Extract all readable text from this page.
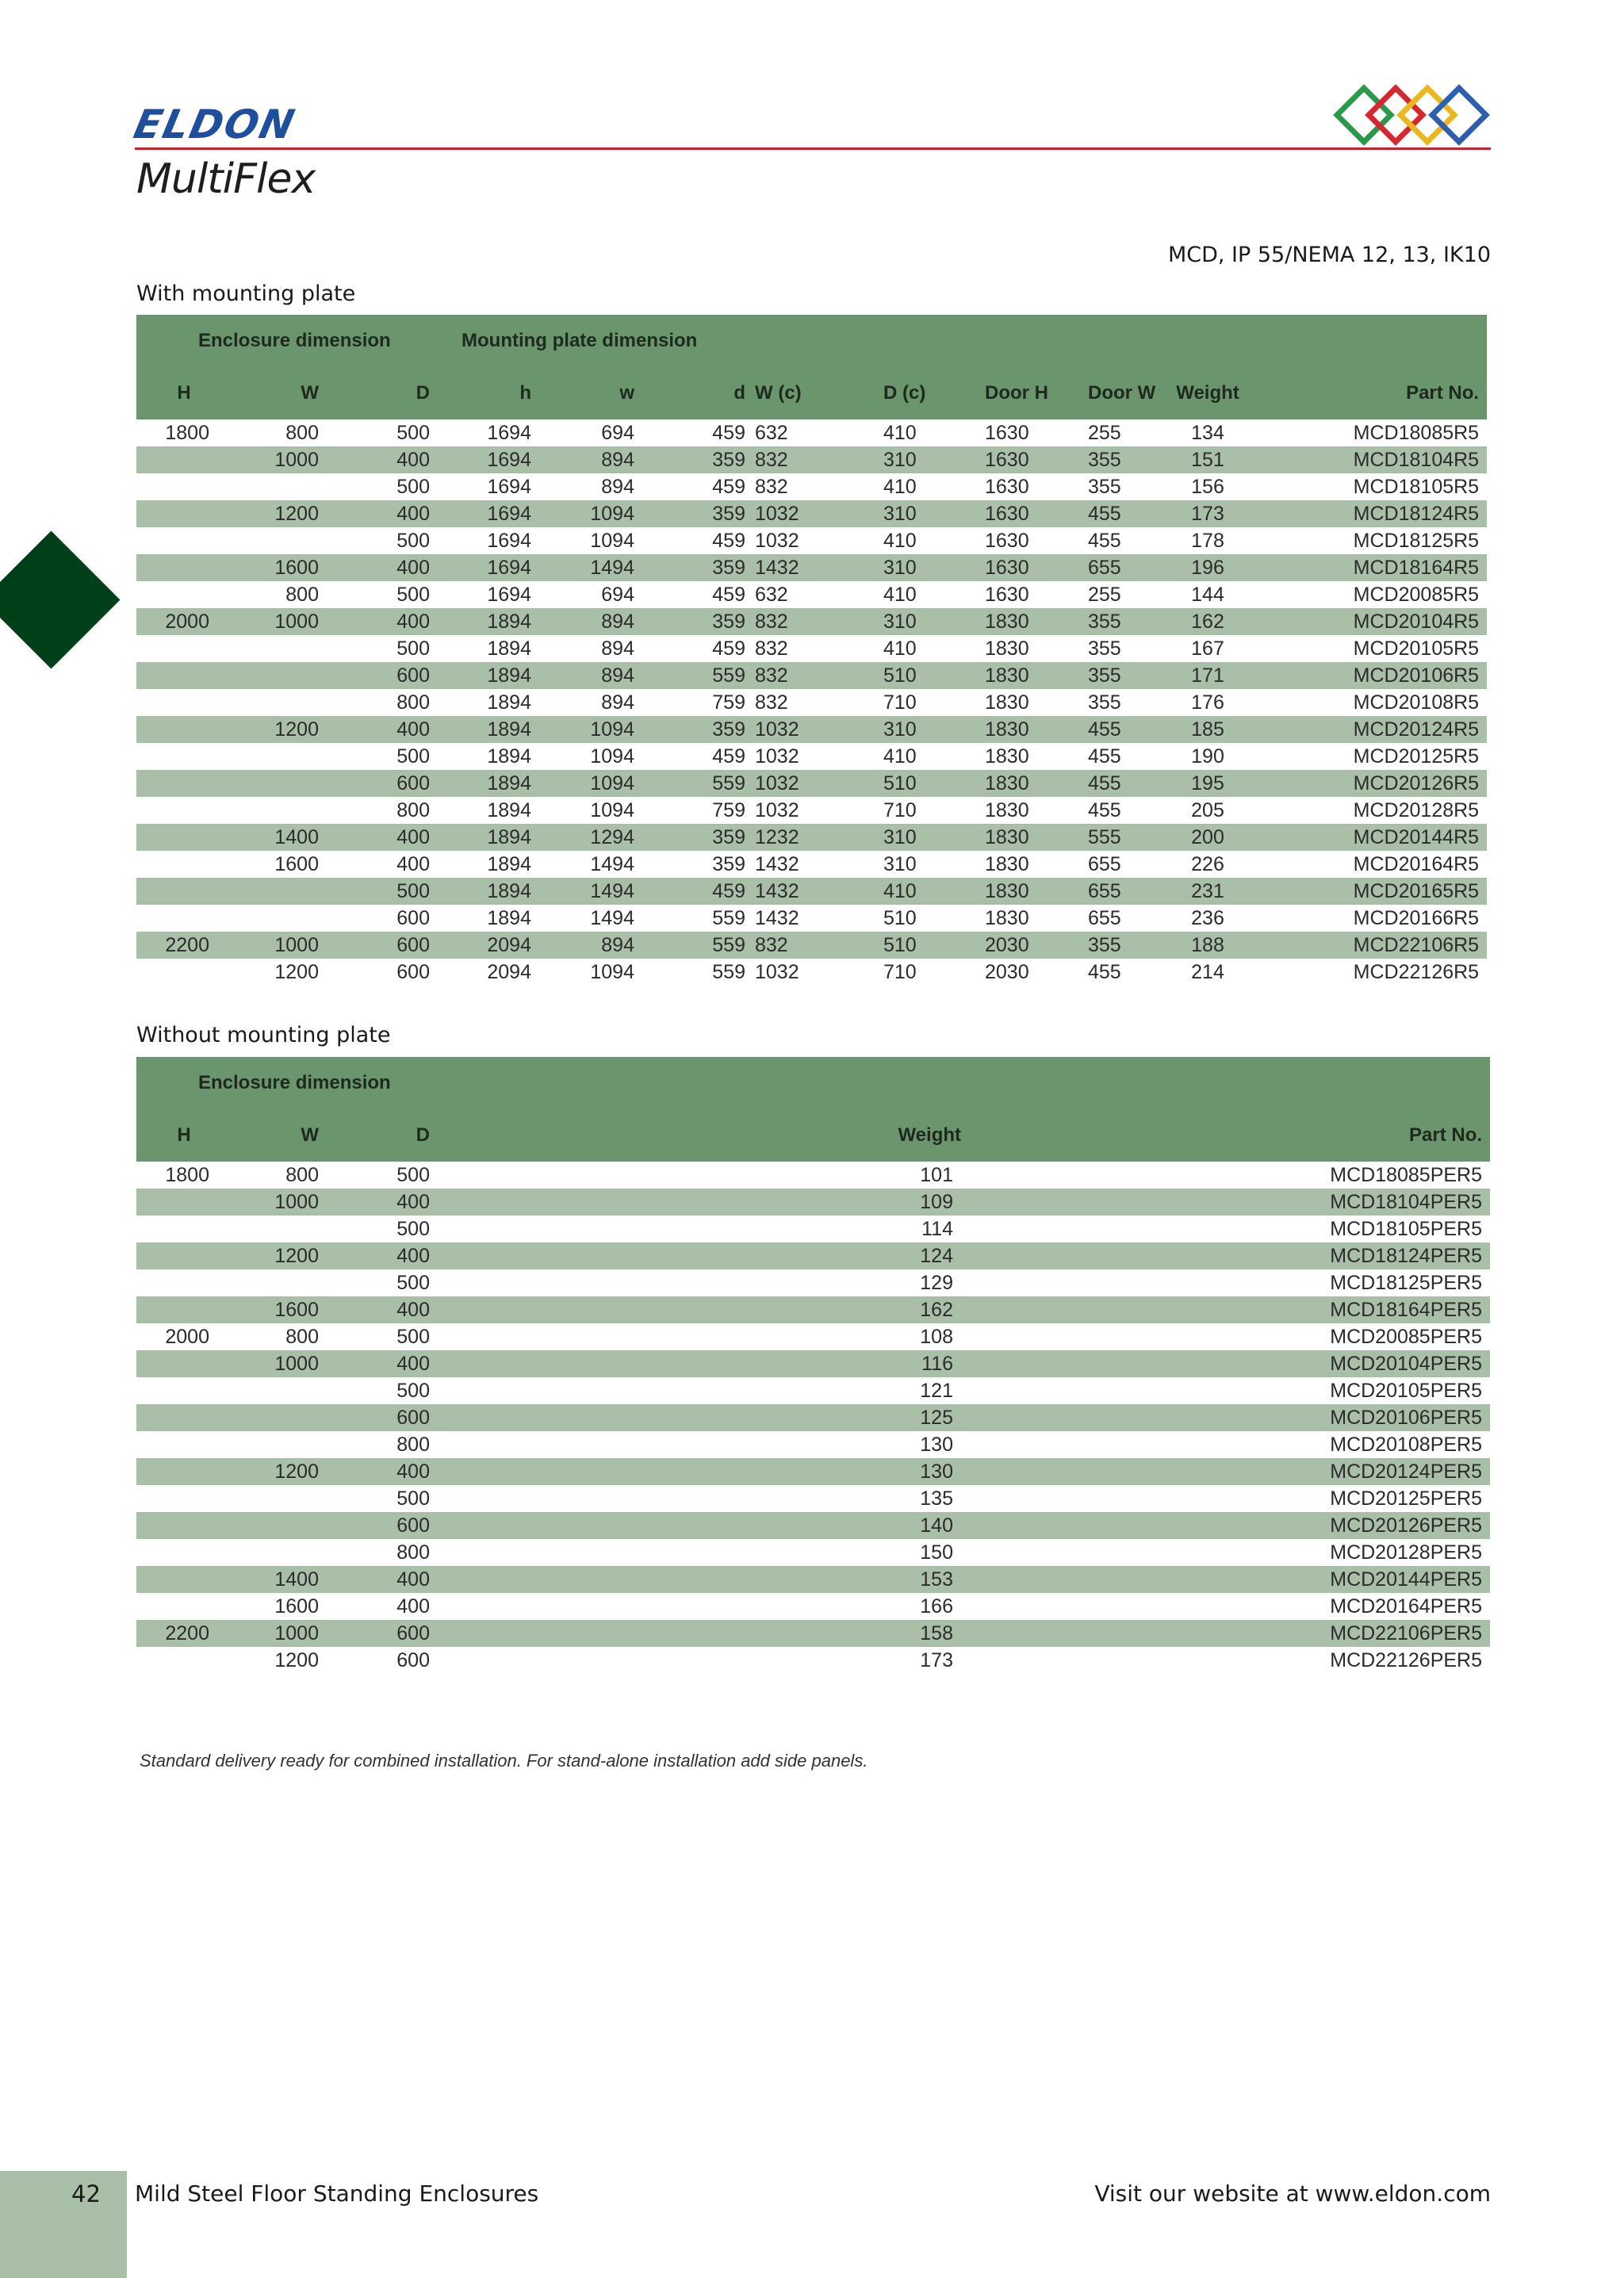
ELDON
MultiFlex
MCD, IP 55/NEMA 12, 13, IK10
With mounting plate
Enclosure dimension			Mounting plate dimension								
H	W	D	h	w	d	W (c)	D (c)	Door H	Door W	Weight	Part No.
1800	800	500	1694	694	459	632	410	1630	255	134	MCD18085R5
	1000	400	1694	894	359	832	310	1630	355	151	MCD18104R5
		500	1694	894	459	832	410	1630	355	156	MCD18105R5
	1200	400	1694	1094	359	1032	310	1630	455	173	MCD18124R5
		500	1694	1094	459	1032	410	1630	455	178	MCD18125R5
	1600	400	1694	1494	359	1432	310	1630	655	196	MCD18164R5
	800	500	1694	694	459	632	410	1630	255	144	MCD20085R5
2000	1000	400	1894	894	359	832	310	1830	355	162	MCD20104R5
		500	1894	894	459	832	410	1830	355	167	MCD20105R5
		600	1894	894	559	832	510	1830	355	171	MCD20106R5
		800	1894	894	759	832	710	1830	355	176	MCD20108R5
	1200	400	1894	1094	359	1032	310	1830	455	185	MCD20124R5
		500	1894	1094	459	1032	410	1830	455	190	MCD20125R5
		600	1894	1094	559	1032	510	1830	455	195	MCD20126R5
		800	1894	1094	759	1032	710	1830	455	205	MCD20128R5
	1400	400	1894	1294	359	1232	310	1830	555	200	MCD20144R5
	1600	400	1894	1494	359	1432	310	1830	655	226	MCD20164R5
		500	1894	1494	459	1432	410	1830	655	231	MCD20165R5
		600	1894	1494	559	1432	510	1830	655	236	MCD20166R5
2200	1000	600	2094	894	559	832	510	2030	355	188	MCD22106R5
	1200	600	2094	1094	559	1032	710	2030	455	214	MCD22126R5
Without mounting plate
Enclosure dimension				
H	W	D	Weight	Part No.
1800	800	500	101	MCD18085PER5
	1000	400	109	MCD18104PER5
		500	114	MCD18105PER5
	1200	400	124	MCD18124PER5
		500	129	MCD18125PER5
	1600	400	162	MCD18164PER5
2000	800	500	108	MCD20085PER5
	1000	400	116	MCD20104PER5
		500	121	MCD20105PER5
		600	125	MCD20106PER5
		800	130	MCD20108PER5
	1200	400	130	MCD20124PER5
		500	135	MCD20125PER5
		600	140	MCD20126PER5
		800	150	MCD20128PER5
	1400	400	153	MCD20144PER5
	1600	400	166	MCD20164PER5
2200	1000	600	158	MCD22106PER5
	1200	600	173	MCD22126PER5
Standard delivery ready for combined installation. For stand-alone installation add side panels.
42 Mild Steel Floor Standing Enclosures	Visit our website at www.eldon.com
